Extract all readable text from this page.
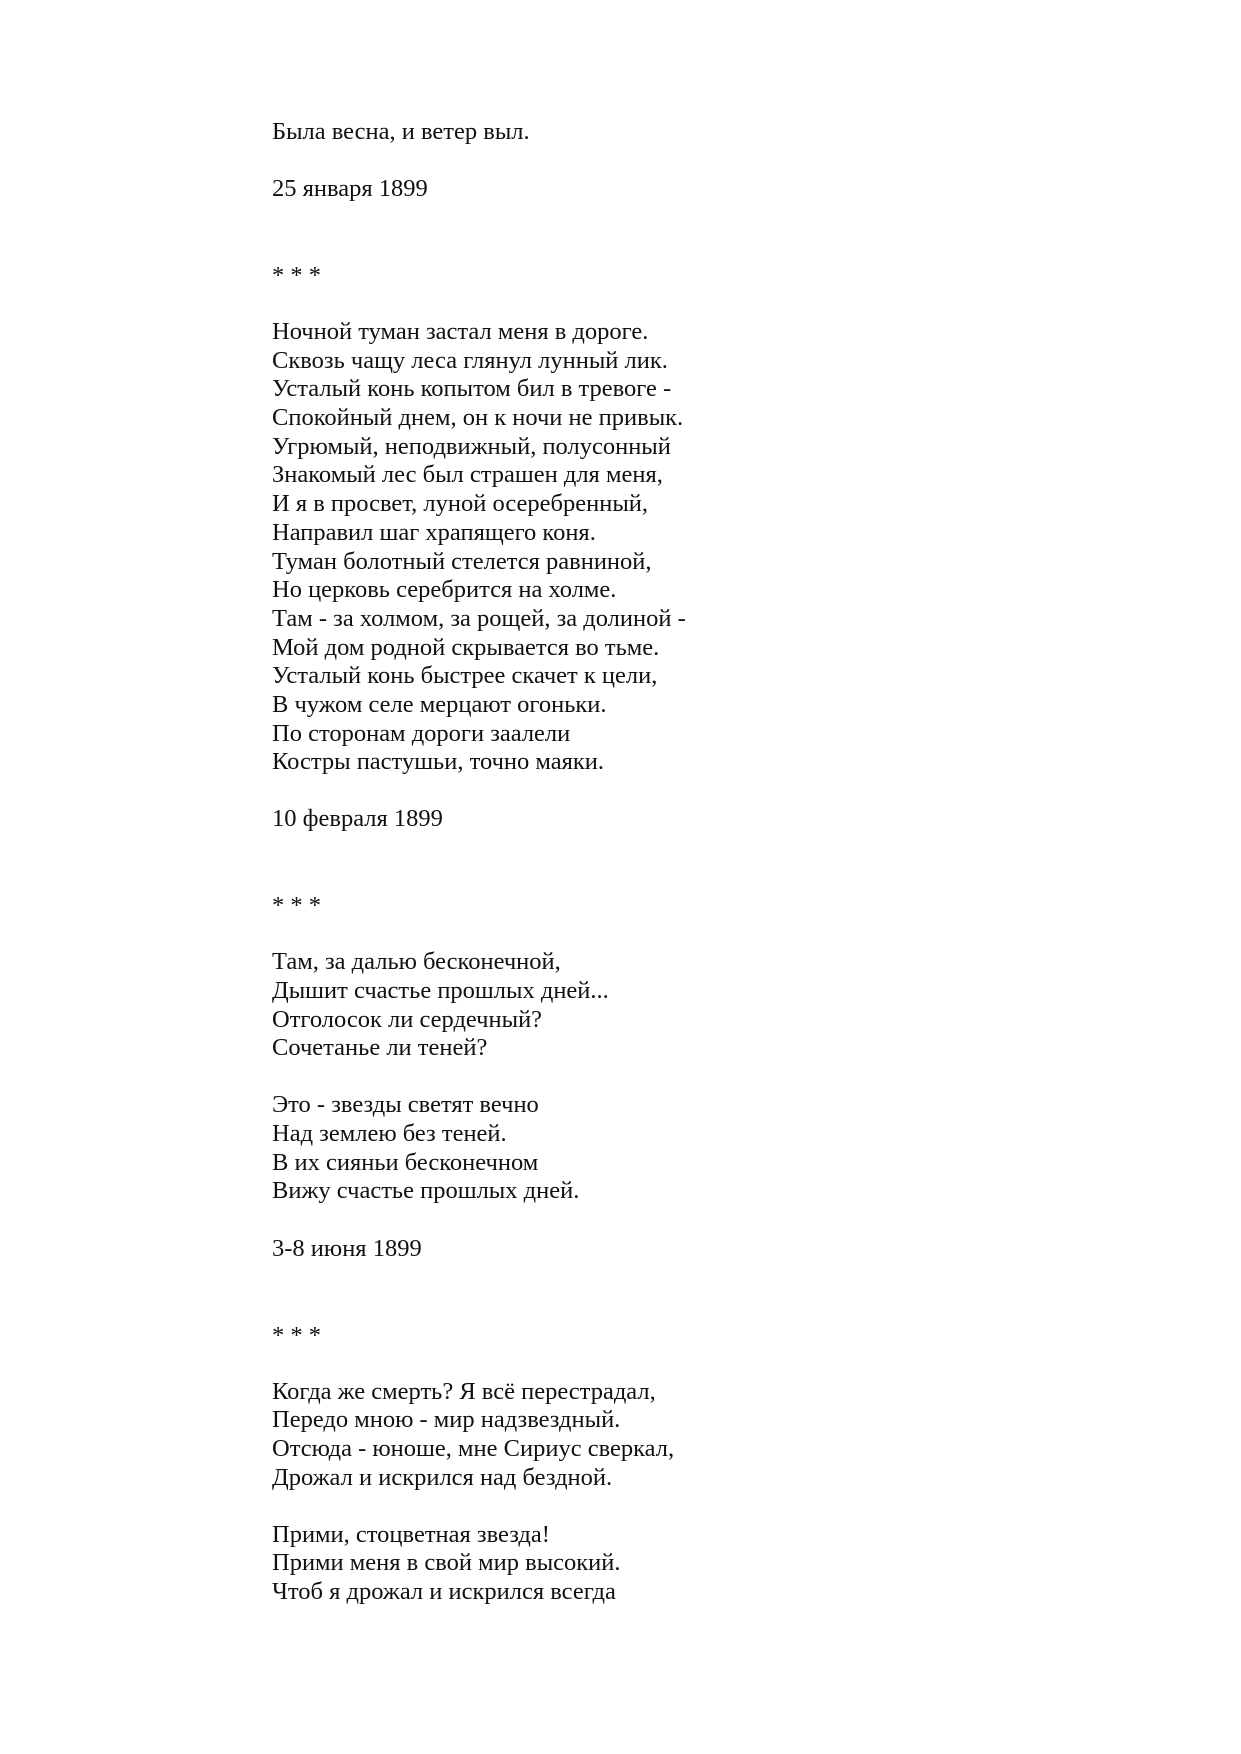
Была весна, и ветер выл.
25 января 1899
* * *
Ночной туман застал меня в дороге.
Сквозь чащу леса глянул лунный лик.
Усталый конь копытом бил в тревоге -
Спокойный днем, он к ночи не привык.
Угрюмый, неподвижный, полусонный
Знакомый лес был страшен для меня,
И я в просвет, луной осеребренный,
Направил шаг храпящего коня.
Туман болотный стелется равниной,
Но церковь серебрится на холме.
Там - за холмом, за рощей, за долиной -
Мой дом родной скрывается во тьме.
Усталый конь быстрее скачет к цели,
В чужом селе мерцают огоньки.
По сторонам дороги заалели
Костры пастушьи, точно маяки.
10 февраля 1899
* * *
Там, за далью бесконечной,
Дышит счастье прошлых дней...
Отголосок ли сердечный?
Сочетанье ли теней?
Это - звезды светят вечно
Над землею без теней.
В их сияньи бесконечном
Вижу счастье прошлых дней.
3-8 июня 1899
* * *
Когда же смерть? Я всё перестрадал,
Передо мною - мир надзвездный.
Отсюда - юноше, мне Сириус сверкал,
Дрожал и искрился над бездной.
Прими, стоцветная звезда!
Прими меня в свой мир высокий.
Чтоб я дрожал и искрился всегда
